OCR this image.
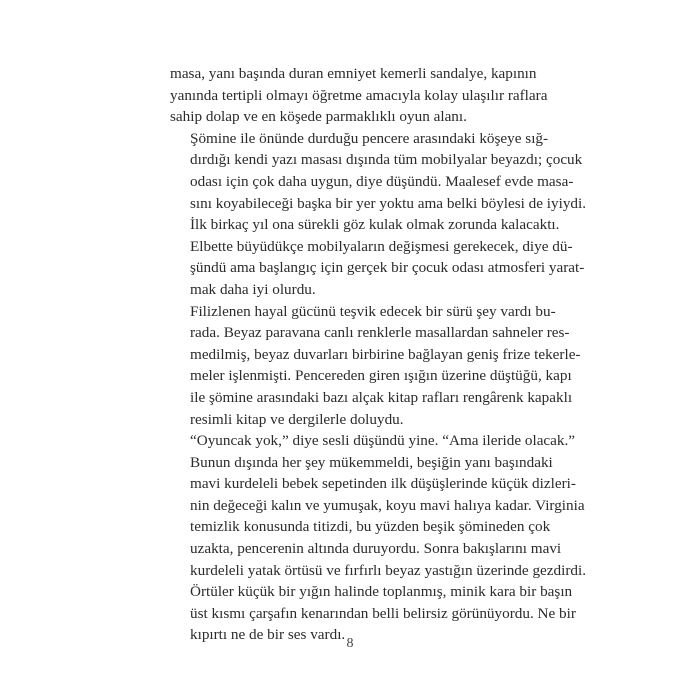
masa, yanı başında duran emniyet kemerli sandalye, kapının
yanında tertipli olmayı öğretme amacıyla kolay ulaşılır raflara
sahip dolap ve en köşede parmaklıklı oyun alanı.
Şömine ile önünde durduğu pencere arasındaki köşeye sığ-
dırdığı kendi yazı masası dışında tüm mobilyalar beyazdı; çocuk
odası için çok daha uygun, diye düşündü. Maalesef evde masa-
sını koyabileceği başka bir yer yoktu ama belki böylesi de iyiydi.
İlk birkaç yıl ona sürekli göz kulak olmak zorunda kalacaktı.
Elbette büyüdükçe mobilyaların değişmesi gerekecek, diye dü-
şündü ama başlangıç için gerçek bir çocuk odası atmosferi yarat-
mak daha iyi olurdu.
Filizlenen hayal gücünü teşvik edecek bir sürü şey vardı bu-
rada. Beyaz paravana canlı renklerle masallardan sahneler res-
medilmiş, beyaz duvarları birbirine bağlayan geniş frize tekerle-
meler işlenmişti. Pencereden giren ışığın üzerine düştüğü, kapı
ile şömine arasındaki bazı alçak kitap rafları rengârenk kapaklı
resimli kitap ve dergilerle doluydu.
“Oyuncak yok,” diye sesli düşündü yine. “Ama ileride olacak.”
Bunun dışında her şey mükemmeldi, beşiğin yanı başındaki
mavi kurdeleli bebek sepetinden ilk düşüşlerinde küçük dizleri-
nin değeceği kalın ve yumuşak, koyu mavi halıya kadar. Virginia
temizlik konusunda titizdi, bu yüzden beşik şömineden çok
uzakta, pencerenin altında duruyordu. Sonra bakışlarını mavi
kurdeleli yatak örtüsü ve fırfırlı beyaz yastığın üzerinde gezdirdi.
Örtüler küçük bir yığın halinde toplanmış, minik kara bir başın
üst kısmı çarşafın kenarından belli belirsiz görünüyordu. Ne bir
kıpırtı ne de bir ses vardı.
8
